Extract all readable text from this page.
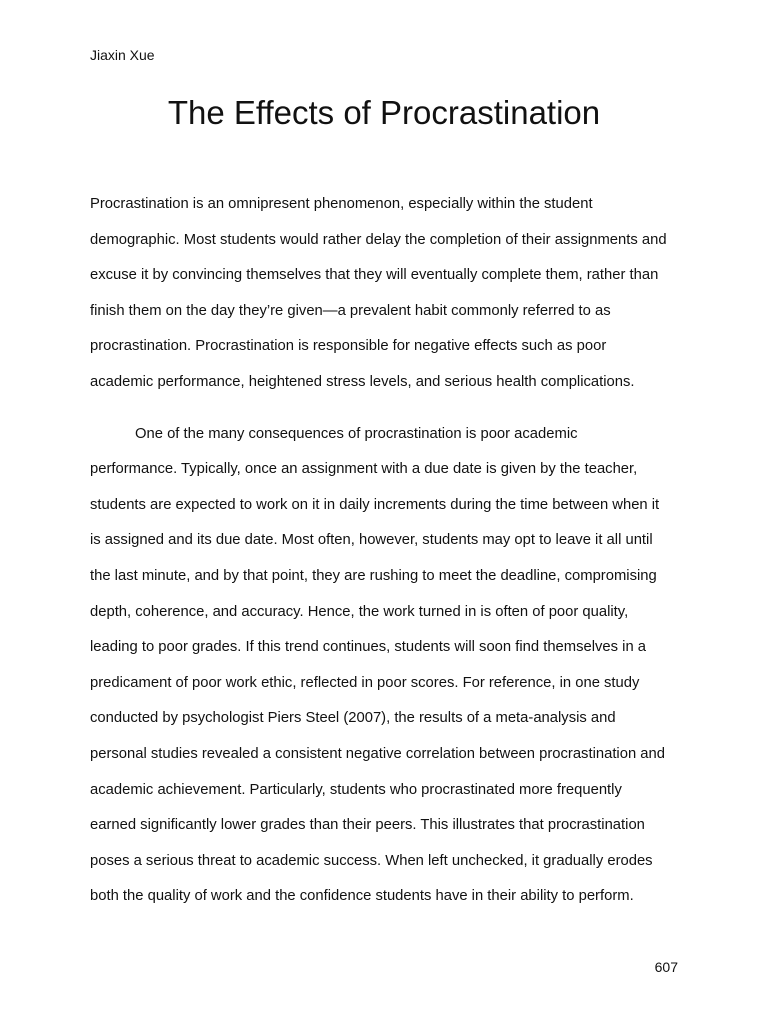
Jiaxin Xue

The Effects of Procrastination

Procrastination is an omnipresent phenomenon, especially within the student
demographic. Most students would rather delay the completion of their assignments and
excuse it by convincing themselves that they will eventually complete them, rather than
finish them on the day they’re given—a prevalent habit commonly referred to as
procrastination. Procrastination is responsible for negative effects such as poor
academic performance, heightened stress levels, and serious health complications.

One of the many consequences of procrastination is poor academic
performance. Typically, once an assignment with a due date is given by the teacher,
students are expected to work on it in daily increments during the time between when it
is assigned and its due date. Most often, however, students may opt to leave it all until
the last minute, and by that point, they are rushing to meet the deadline, compromising
depth, coherence, and accuracy. Hence, the work turned in is often of poor quality,
leading to poor grades. If this trend continues, students will soon find themselves in a
predicament of poor work ethic, reflected in poor scores. For reference, in one study
conducted by psychologist Piers Steel (2007), the results of a meta-analysis and
personal studies revealed a consistent negative correlation between procrastination and
academic achievement. Particularly, students who procrastinated more frequently
earned significantly lower grades than their peers. This illustrates that procrastination
poses a serious threat to academic success. When left unchecked, it gradually erodes
both the quality of work and the confidence students have in their ability to perform.

607
